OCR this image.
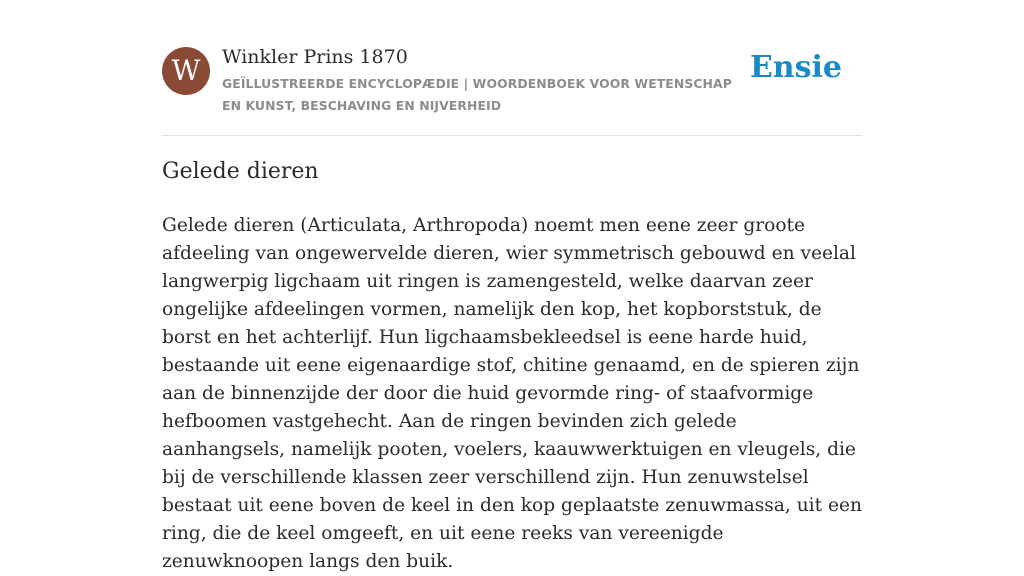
W	Winkler Prins 1870
GEÏLLUSTREERDE ENCYCLOPÆDIE | WOORDENBOEK VOOR WETENSCHAP EN KUNST, BESCHAVING EN NIJVERHEID
Ensie
Gelede dieren

Gelede dieren (Articulata, Arthropoda) noemt men eene zeer groote afdeeling van ongewervelde dieren, wier symmetrisch gebouwd en veelal langwerpig ligchaam uit ringen is zamengesteld, welke daarvan zeer ongelijke afdeelingen vormen, namelijk den kop, het kopborststuk, de borst en het achterlijf. Hun ligchaamsbekleedsel is eene harde huid, bestaande uit eene eigenaardige stof, chitine genaamd, en de spieren zijn aan de binnenzijde der door die huid gevormde ring- of staafvormige hefboomen vastgehecht. Aan de ringen bevinden zich gelede aanhangsels, namelijk pooten, voelers, kaauwwerktuigen en vleugels, die bij de verschillende klassen zeer verschillend zijn. Hun zenuwstelsel bestaat uit eene boven de keel in den kop geplaatste zenuwmassa, uit een ring, die de keel omgeeft, en uit eene reeks van vereenigde zenuwknoopen langs den buik.
